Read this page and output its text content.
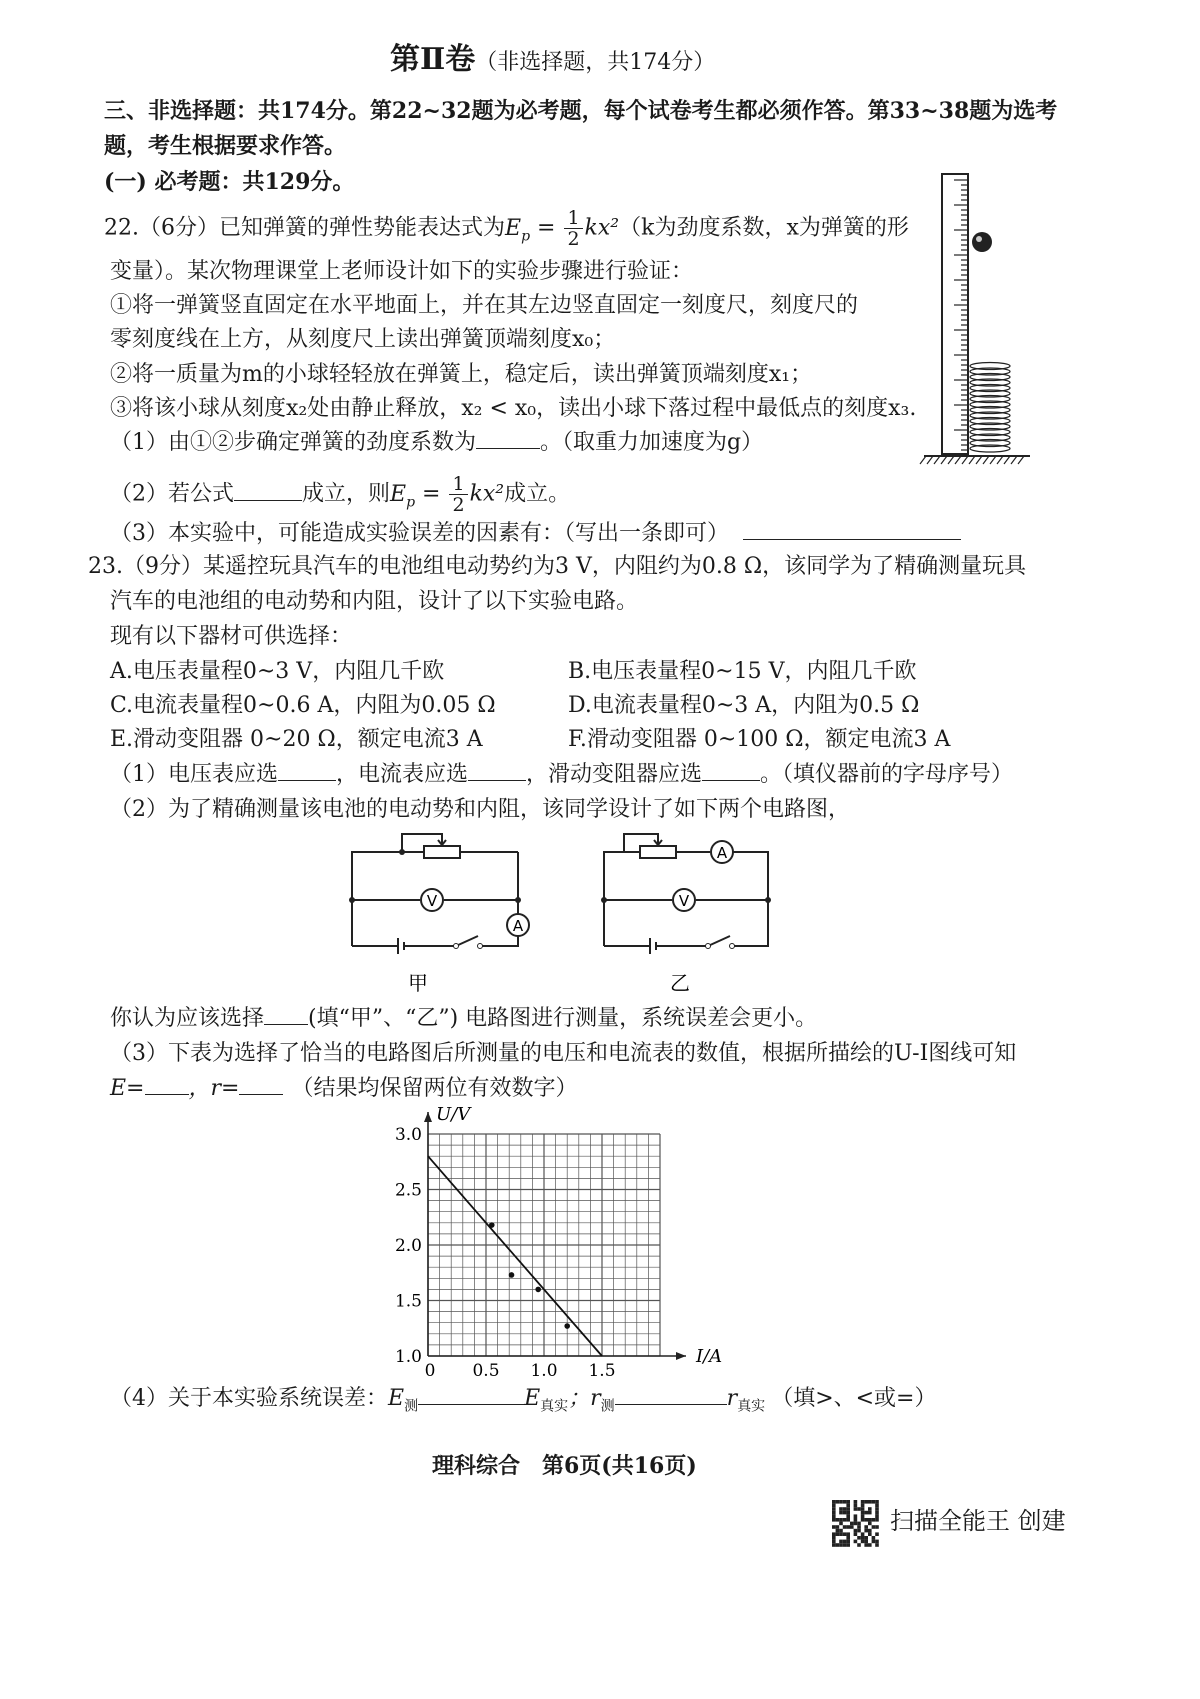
第Ⅱ卷（非选择题，共174分）
三、非选择题：共174分。第22~32题为必考题，每个试卷考生都必须作答。第33~38题为选考
题，考生根据要求作答。
(一) 必考题：共129分。
22.（6分）已知弹簧的弹性势能表达式为$E_p = \frac{1}{2} kx^2(k$为劲度系数，x为弹簧的形
变量）。某次物理课堂上老师设计如下的实验步骤进行验证：
①将一弹簧竖直固定在水平地面上，并在其左边竖直固定一刻度尺，刻度尺的
零刻度线在上方，从刻度尺上读出弹簧顶端刻度x₀；
②将一质量为m的小球轻轻放在弹簧上，稳定后，读出弹簧顶端刻度x₁；
③将该小球从刻度x₂处由静止释放，x₂ < x₀，读出小球下落过程中最低点的刻度x₃.
（1）由①②步确定弹簧的劲度系数为	。（取重力加速度为g）
（2）若公式	成立，则$E_p = \frac{1}{2} kx^2$成立。
（3）本实验中，可能造成实验误差的因素有：（写出一条即可）
23.（9分）某遥控玩具汽车的电池组电动势约为3 V，内阻约为0.8 Ω，该同学为了精确测量玩具
汽车的电池组的电动势和内阻，设计了以下实验电路。
现有以下器材可供选择：
A.电压表量程0~3 V，内阻几千欧	B.电压表量程0~15 V，内阻几千欧
C.电流表量程0~0.6 A，内阻为0.05 Ω	D.电流表量程0~3 A，内阻为0.5 Ω
E.滑动变阻器 0~20 Ω，额定电流3 A	F.滑动变阻器 0~100 Ω，额定电流3 A
（1）电压表应选	，电流表应选	，滑动变阻器应选	。（填仪器前的字母序号）
（2）为了精确测量该电池的电动势和内阻，该同学设计了如下两个电路图，
V
A
甲
A
V
乙
你认为应该选择 (填“甲”、“乙”) 电路图进行测量，系统误差会更小。
（3）下表为选择了恰当的电路图后所测量的电压和电流表的数值，根据所描绘的U-I图线可知
E= ，r= （结果均保留两位有效数字）
U/V
I/A
1.0
1.5
2.0
2.5
3.0
0 0.5 1.0 1.5
（4）关于本实验系统误差：$E_测$	$E_{真实}$；$r_测$	$r_{真实}$ （填>、<或=）
理科综合　第6页(共16页)
扫描全能王 创建
